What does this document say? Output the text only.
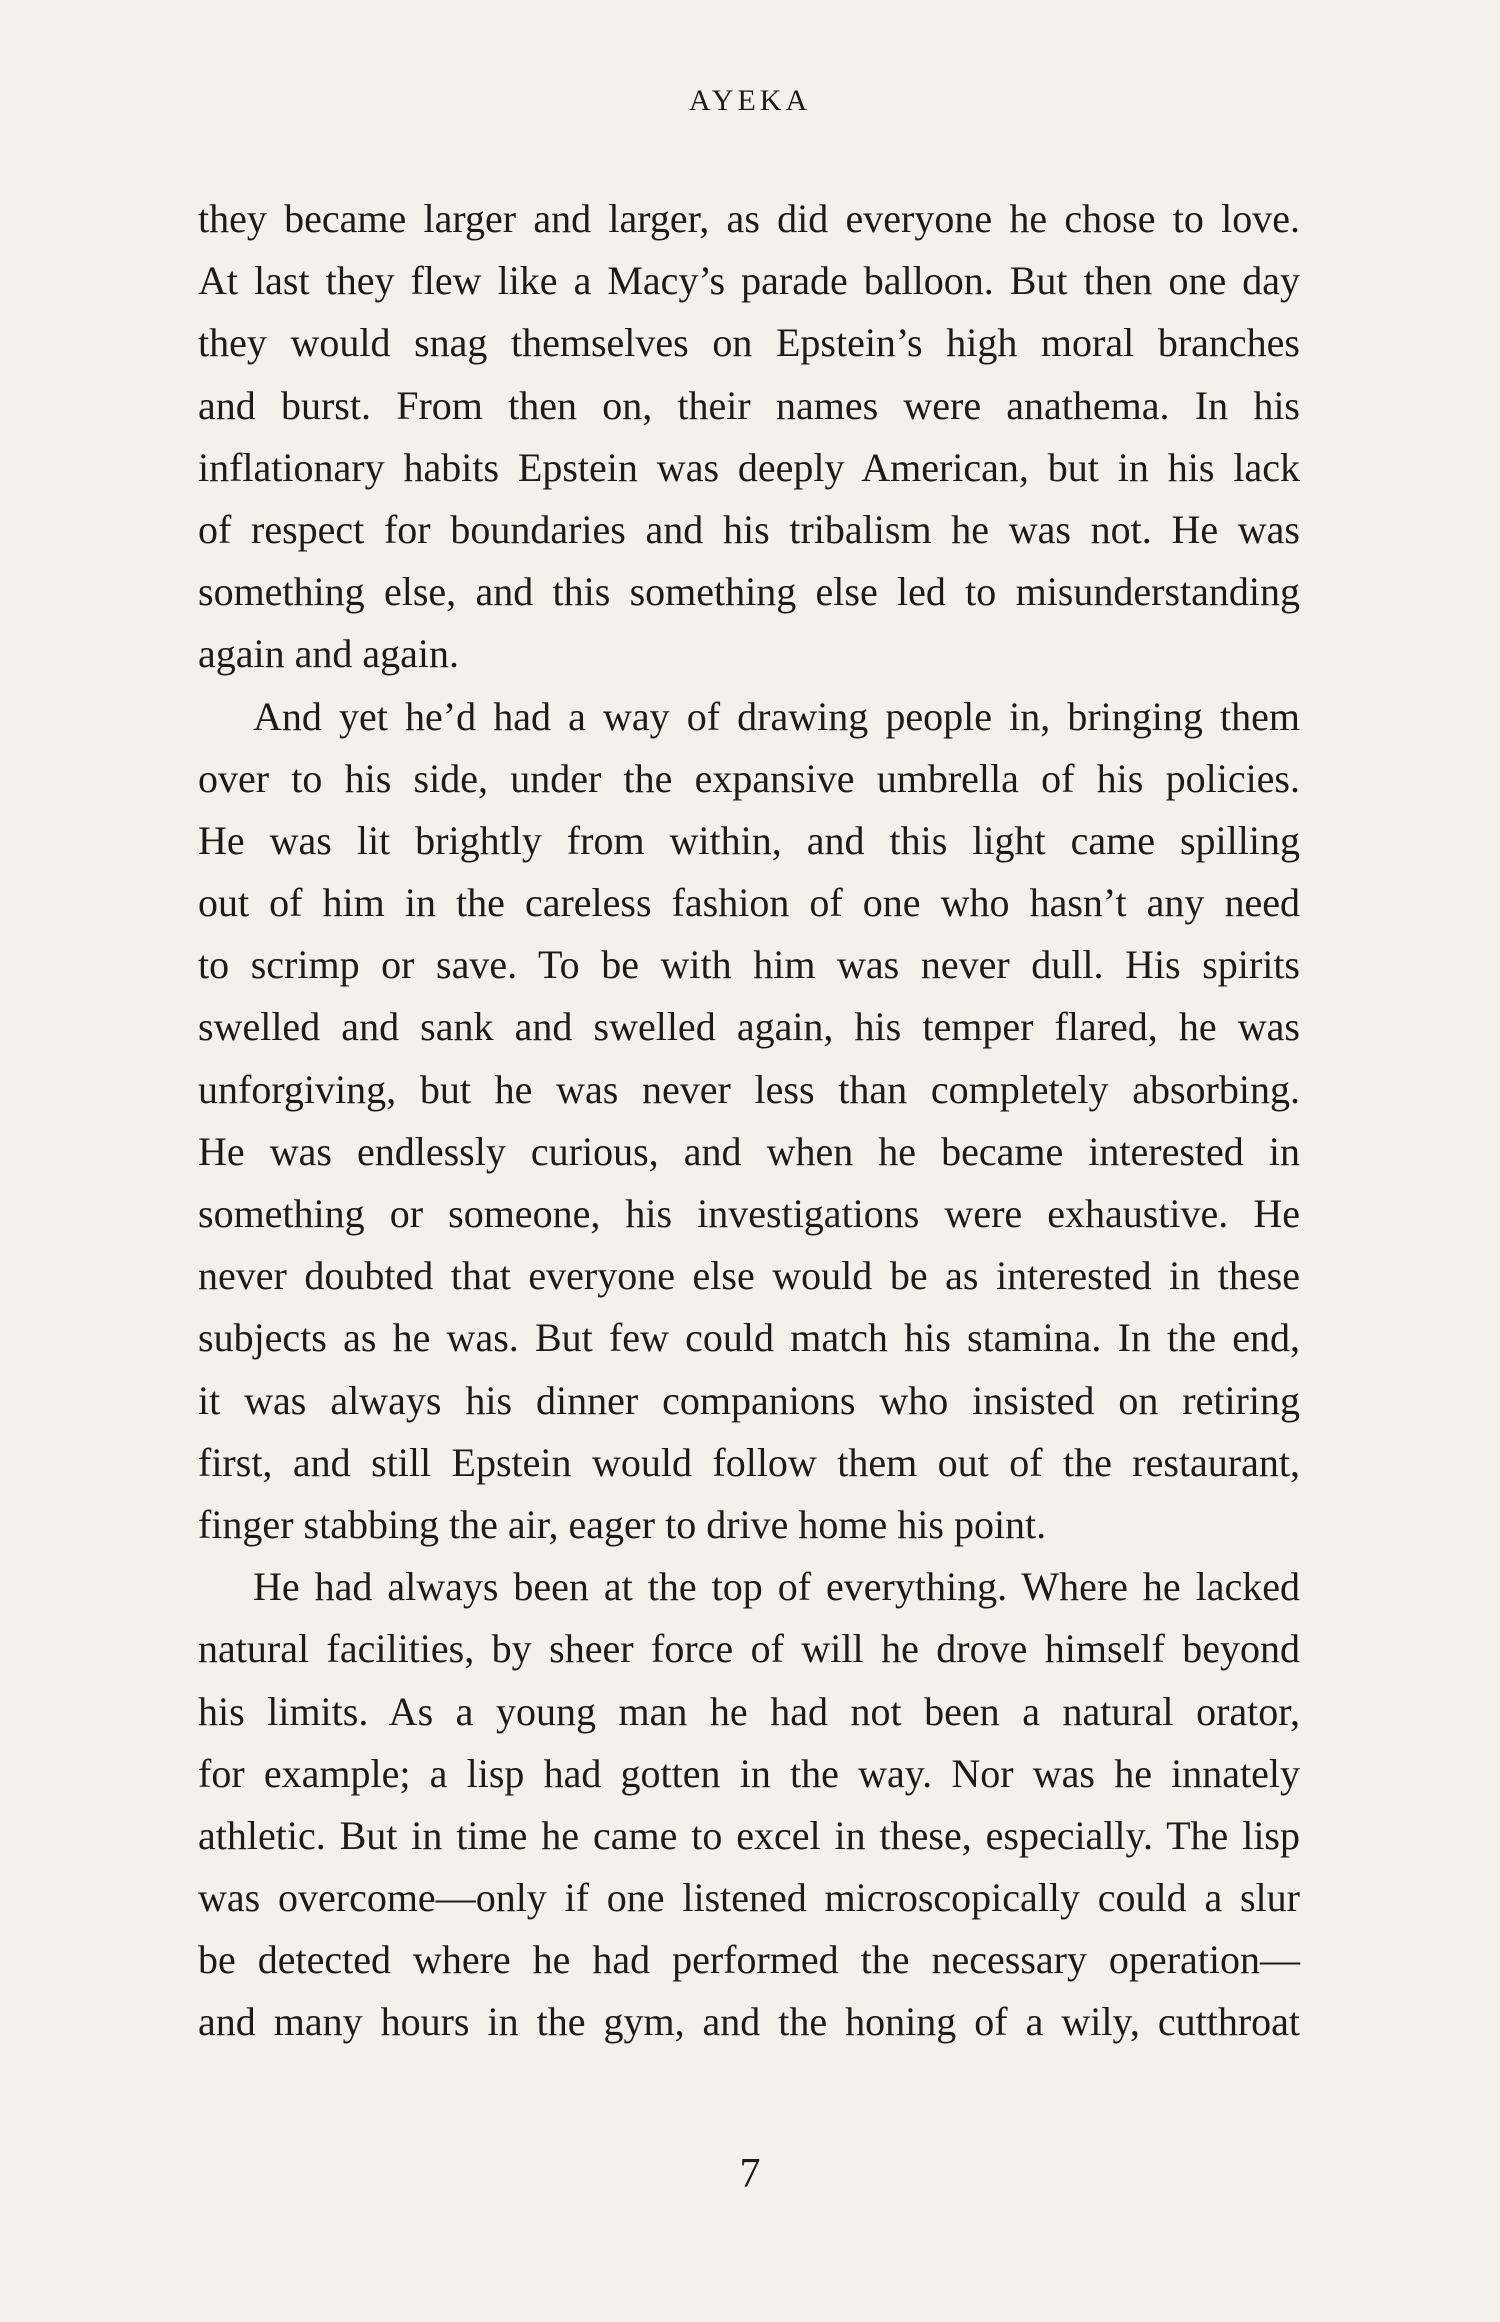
AYEKA
they became larger and larger, as did everyone he chose to love.
At last they flew like a Macy’s parade balloon. But then one day
they would snag themselves on Epstein’s high moral branches
and burst. From then on, their names were anathema. In his
inflationary habits Epstein was deeply American, but in his lack
of respect for boundaries and his tribalism he was not. He was
something else, and this something else led to misunderstanding
again and again.
And yet he’d had a way of drawing people in, bringing them
over to his side, under the expansive umbrella of his policies.
He was lit brightly from within, and this light came spilling
out of him in the careless fashion of one who hasn’t any need
to scrimp or save. To be with him was never dull. His spirits
swelled and sank and swelled again, his temper flared, he was
unforgiving, but he was never less than completely absorbing.
He was endlessly curious, and when he became interested in
something or someone, his investigations were exhaustive. He
never doubted that everyone else would be as interested in these
subjects as he was. But few could match his stamina. In the end,
it was always his dinner companions who insisted on retiring
first, and still Epstein would follow them out of the restaurant,
finger stabbing the air, eager to drive home his point.
He had always been at the top of everything. Where he lacked
natural facilities, by sheer force of will he drove himself beyond
his limits. As a young man he had not been a natural orator,
for example; a lisp had gotten in the way. Nor was he innately
athletic. But in time he came to excel in these, especially. The lisp
was overcome—only if one listened microscopically could a slur
be detected where he had performed the necessary operation—
and many hours in the gym, and the honing of a wily, cutthroat
7
